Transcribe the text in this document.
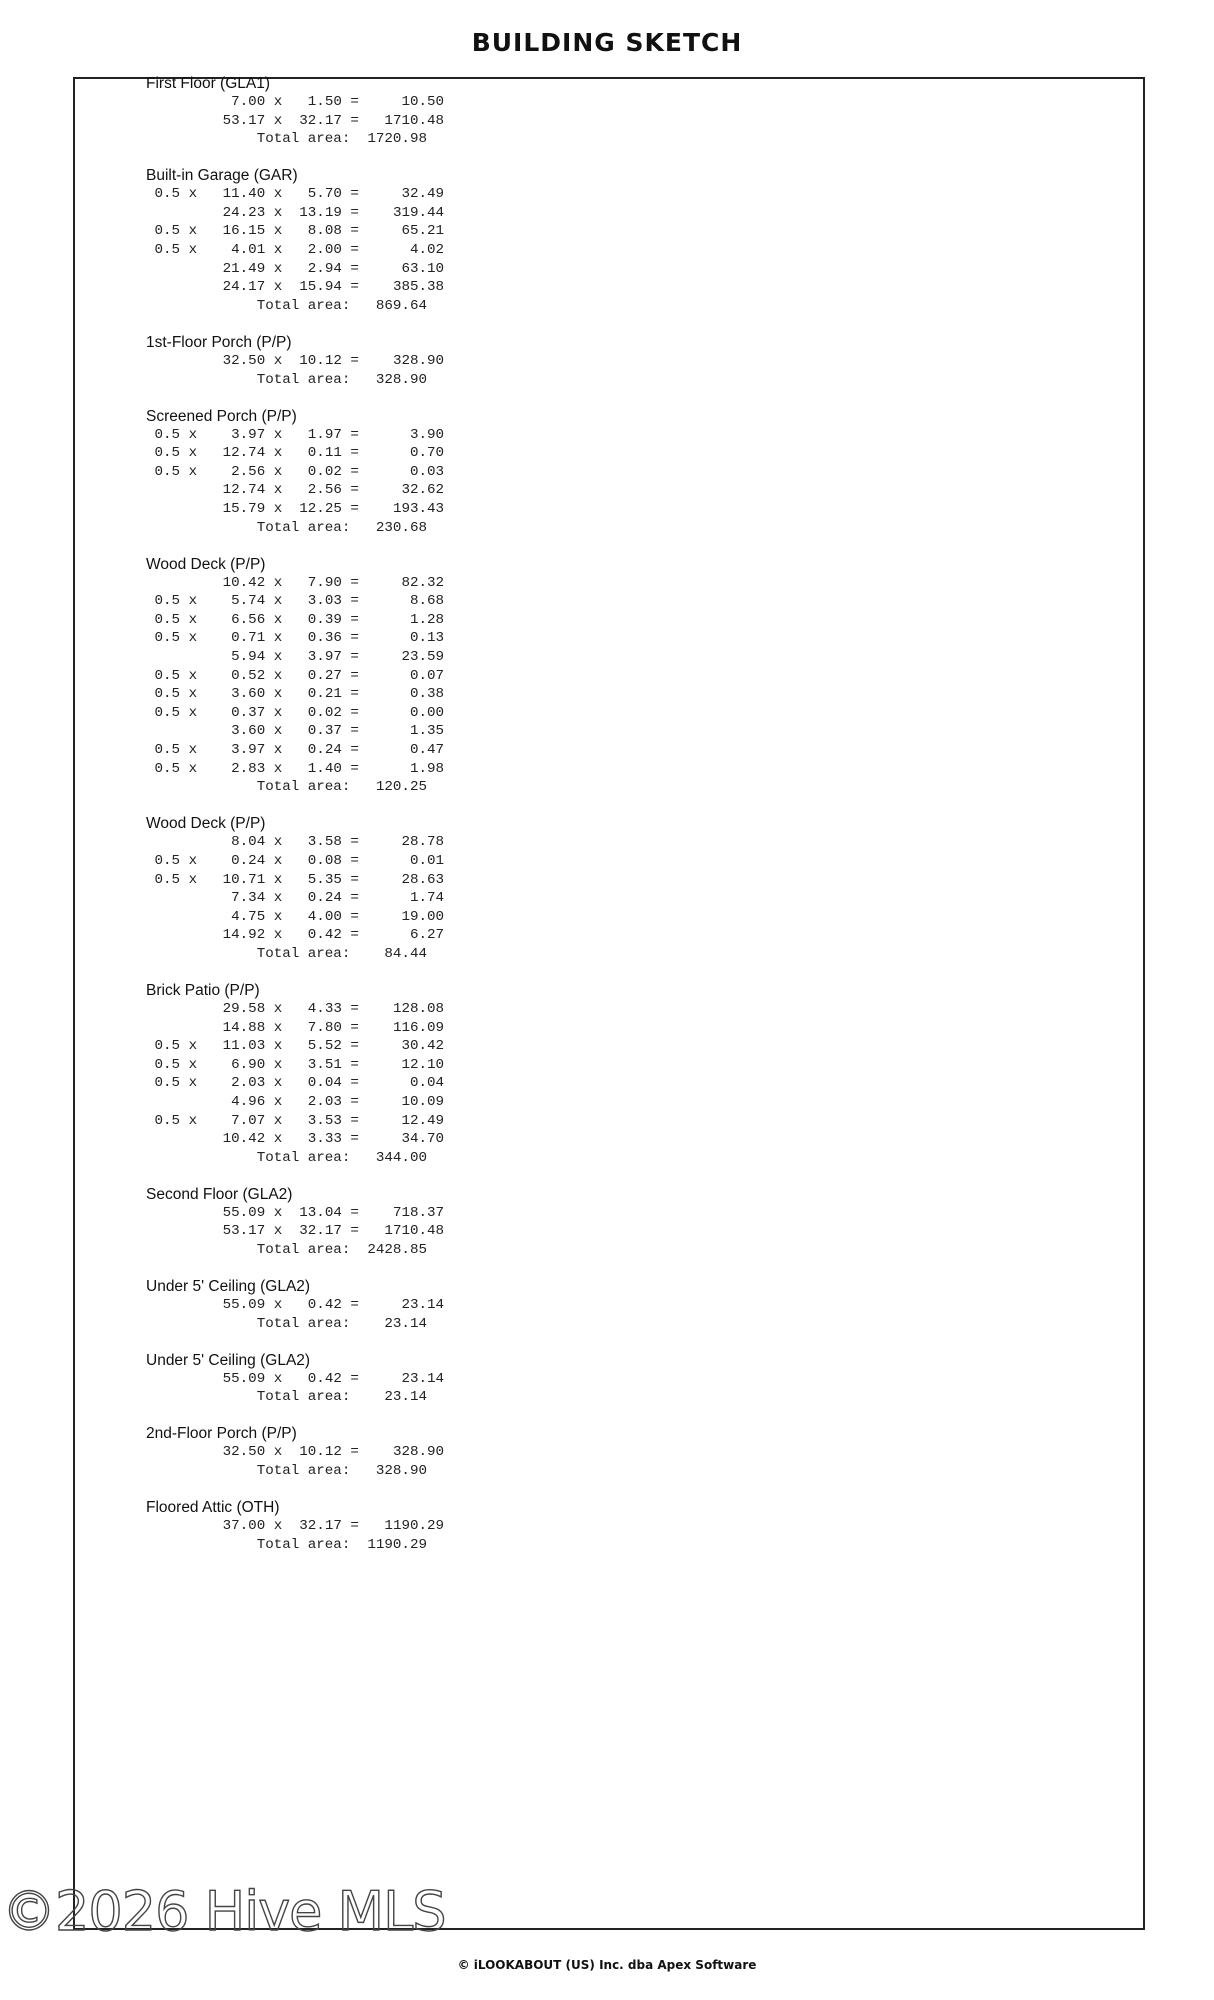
BUILDING SKETCH
First Floor (GLA1)
7.00 x   1.50 =     10.50
53.17 x  32.17 =   1710.48
Total area:  1720.98
Built-in Garage (GAR)
0.5 x   11.40 x   5.70 =     32.49
24.23 x  13.19 =    319.44
0.5 x   16.15 x   8.08 =     65.21
0.5 x    4.01 x   2.00 =      4.02
21.49 x   2.94 =     63.10
24.17 x  15.94 =    385.38
Total area:   869.64
1st-Floor Porch (P/P)
32.50 x  10.12 =    328.90
Total area:   328.90
Screened Porch (P/P)
0.5 x    3.97 x   1.97 =      3.90
0.5 x   12.74 x   0.11 =      0.70
0.5 x    2.56 x   0.02 =      0.03
12.74 x   2.56 =     32.62
15.79 x  12.25 =    193.43
Total area:   230.68
Wood Deck (P/P)
10.42 x   7.90 =     82.32
0.5 x    5.74 x   3.03 =      8.68
0.5 x    6.56 x   0.39 =      1.28
0.5 x    0.71 x   0.36 =      0.13
5.94 x   3.97 =     23.59
0.5 x    0.52 x   0.27 =      0.07
0.5 x    3.60 x   0.21 =      0.38
0.5 x    0.37 x   0.02 =      0.00
3.60 x   0.37 =      1.35
0.5 x    3.97 x   0.24 =      0.47
0.5 x    2.83 x   1.40 =      1.98
Total area:   120.25
Wood Deck (P/P)
8.04 x   3.58 =     28.78
0.5 x    0.24 x   0.08 =      0.01
0.5 x   10.71 x   5.35 =     28.63
7.34 x   0.24 =      1.74
4.75 x   4.00 =     19.00
14.92 x   0.42 =      6.27
Total area:    84.44
Brick Patio (P/P)
29.58 x   4.33 =    128.08
14.88 x   7.80 =    116.09
0.5 x   11.03 x   5.52 =     30.42
0.5 x    6.90 x   3.51 =     12.10
0.5 x    2.03 x   0.04 =      0.04
4.96 x   2.03 =     10.09
0.5 x    7.07 x   3.53 =     12.49
10.42 x   3.33 =     34.70
Total area:   344.00
Second Floor (GLA2)
55.09 x  13.04 =    718.37
53.17 x  32.17 =   1710.48
Total area:  2428.85
Under 5' Ceiling (GLA2)
55.09 x   0.42 =     23.14
Total area:    23.14
Under 5' Ceiling (GLA2)
55.09 x   0.42 =     23.14
Total area:    23.14
2nd-Floor Porch (P/P)
32.50 x  10.12 =    328.90
Total area:   328.90
Floored Attic (OTH)
37.00 x  32.17 =   1190.29
Total area:  1190.29
©2026 Hive MLS
© iLOOKABOUT (US) Inc. dba Apex Software
